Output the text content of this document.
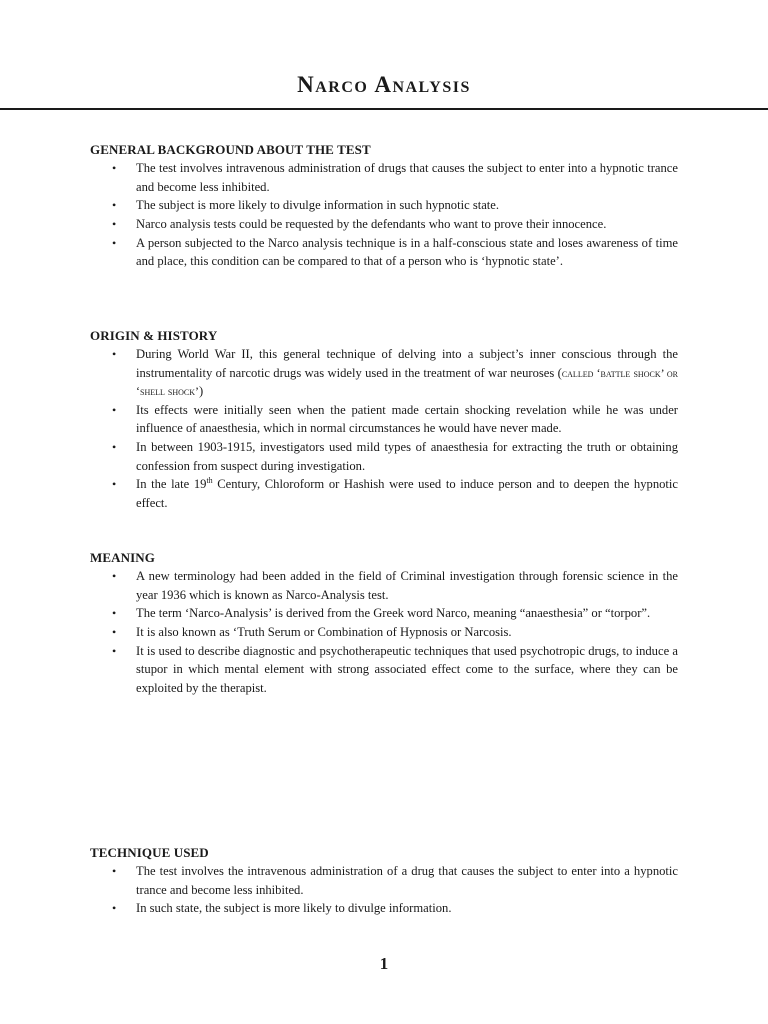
Narco Analysis
GENERAL BACKGROUND ABOUT THE TEST
• The test involves intravenous administration of drugs that causes the subject to enter into a hypnotic trance and become less inhibited.
• The subject is more likely to divulge information in such hypnotic state.
• Narco analysis tests could be requested by the defendants who want to prove their innocence.
• A person subjected to the Narco analysis technique is in a half-conscious state and loses awareness of time and place, this condition can be compared to that of a person who is ‘hypnotic state’.
ORIGIN & HISTORY
• During World War II, this general technique of delving into a subject’s inner conscious through the instrumentality of narcotic drugs was widely used in the treatment of war neuroses (called ‘battle shock’ or ‘shell shock’)
• Its effects were initially seen when the patient made certain shocking revelation while he was under influence of anaesthesia, which in normal circumstances he would have never made.
• In between 1903-1915, investigators used mild types of anaesthesia for extracting the truth or obtaining confession from suspect during investigation.
• In the late 19th Century, Chloroform or Hashish were used to induce person and to deepen the hypnotic effect.
MEANING
• A new terminology had been added in the field of Criminal investigation through forensic science in the year 1936 which is known as Narco-Analysis test.
• The term ‘Narco-Analysis’ is derived from the Greek word Narco, meaning “anaesthesia” or “torpor”.
• It is also known as ‘Truth Serum or Combination of Hypnosis or Narcosis.
• It is used to describe diagnostic and psychotherapeutic techniques that used psychotropic drugs, to induce a stupor in which mental element with strong associated effect come to the surface, where they can be exploited by the therapist.
TECHNIQUE USED
• The test involves the intravenous administration of a drug that causes the subject to enter into a hypnotic trance and become less inhibited.
• In such state, the subject is more likely to divulge information.
1
